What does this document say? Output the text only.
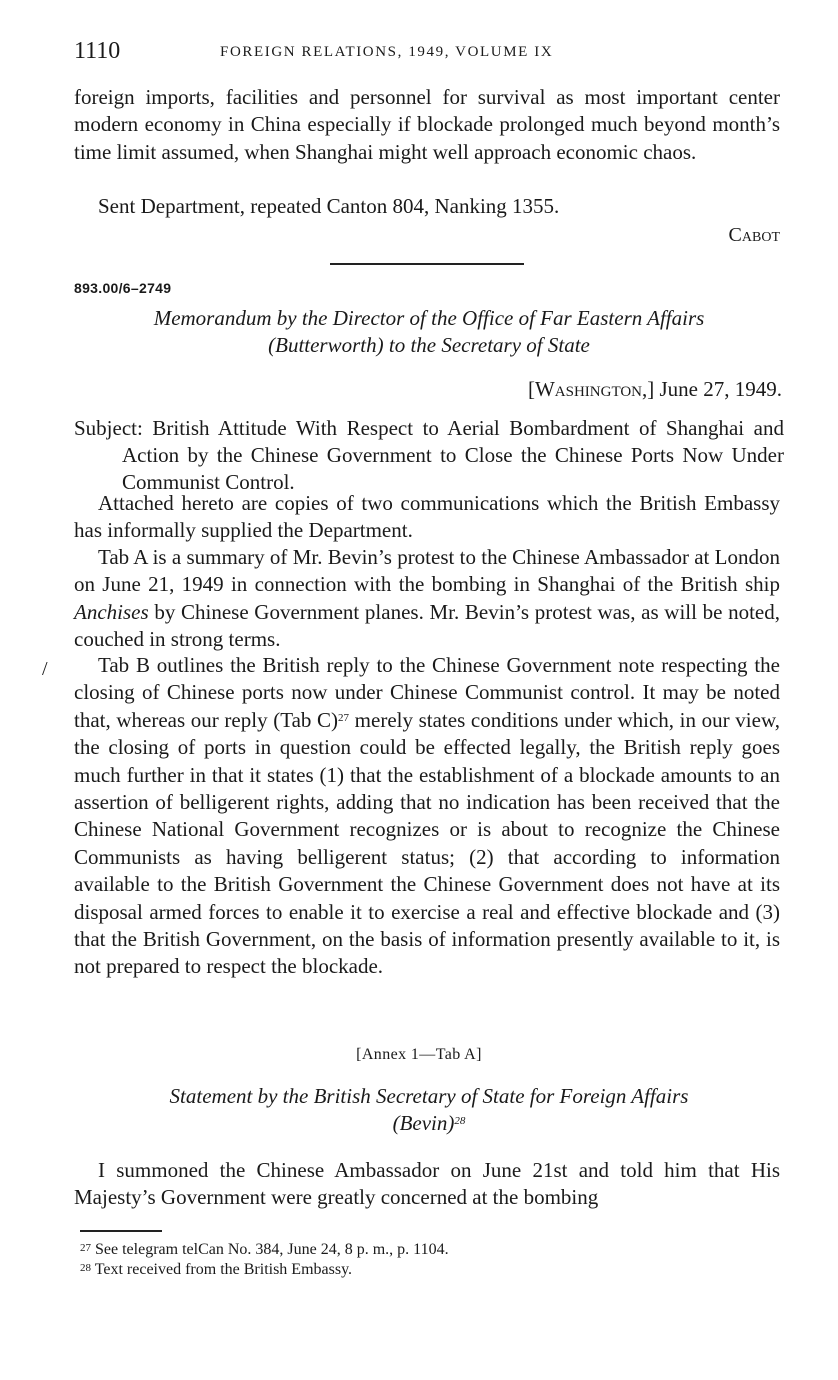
1110	FOREIGN RELATIONS, 1949, VOLUME IX
foreign imports, facilities and personnel for survival as most important center modern economy in China especially if blockade prolonged much beyond month’s time limit assumed, when Shanghai might well approach economic chaos.
Sent Department, repeated Canton 804, Nanking 1355.
Cabot
893.00/6–2749
Memorandum by the Director of the Office of Far Eastern Affairs
(Butterworth) to the Secretary of State
[Washington,] June 27, 1949.
Subject: British Attitude With Respect to Aerial Bombardment of Shanghai and Action by the Chinese Government to Close the Chinese Ports Now Under Communist Control.
Attached hereto are copies of two communications which the British Embassy has informally supplied the Department.
Tab A is a summary of Mr. Bevin’s protest to the Chinese Ambassador at London on June 21, 1949 in connection with the bombing in Shanghai of the British ship Anchises by Chinese Government planes. Mr. Bevin’s protest was, as will be noted, couched in strong terms.
/	Tab B outlines the British reply to the Chinese Government note respecting the closing of Chinese ports now under Chinese Communist control. It may be noted that, whereas our reply (Tab C)$^{27}$ merely states conditions under which, in our view, the closing of ports in question could be effected legally, the British reply goes much further in that it states (1) that the establishment of a blockade amounts to an assertion of belligerent rights, adding that no indication has been received that the Chinese National Government recognizes or is about to recognize the Chinese Communists as having belligerent status; (2) that according to information available to the British Government the Chinese Government does not have at its disposal armed forces to enable it to exercise a real and effective blockade and (3) that the British Government, on the basis of information presently available to it, is not prepared to respect the blockade.
[Annex 1—Tab A]
Statement by the British Secretary of State for Foreign Affairs
(Bevin)$^{28}$
I summoned the Chinese Ambassador on June 21st and told him that His Majesty’s Government were greatly concerned at the bombing
$^{27}$ See telegram telCan No. 384, June 24, 8 p. m., p. 1104.
$^{28}$ Text received from the British Embassy.
